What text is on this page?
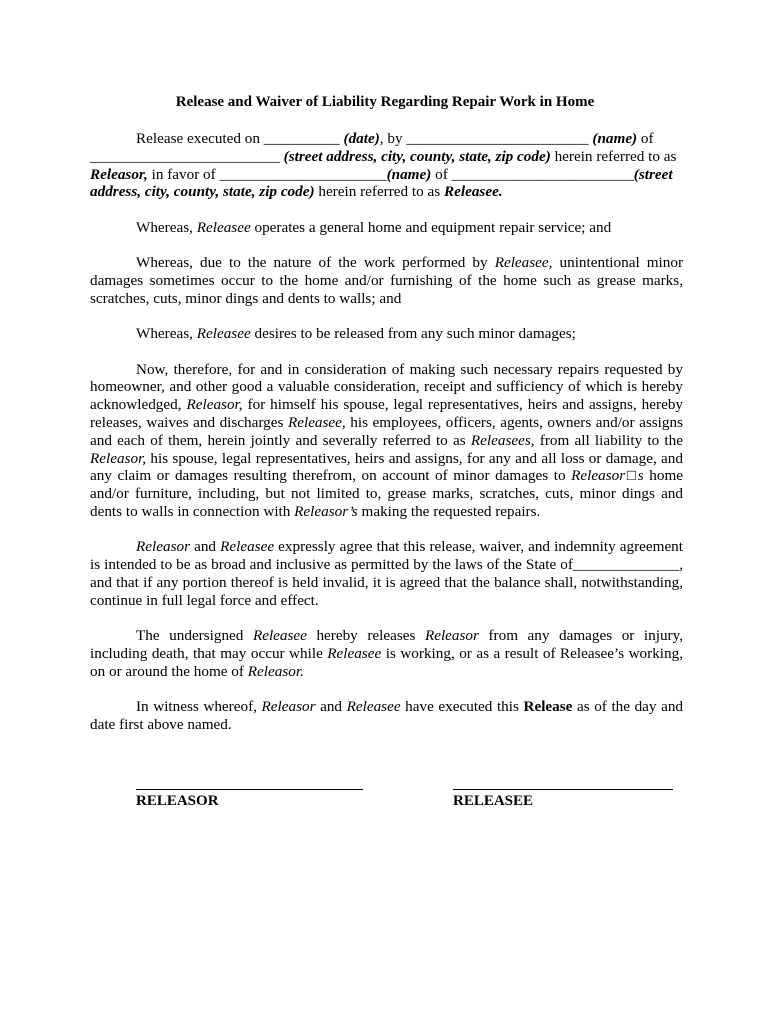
Release and Waiver of Liability Regarding Repair Work in Home

Release executed on __________ (date), by ________________________ (name) of _________________________ (street address, city, county, state, zip code) herein referred to as Releasor, in favor of ______________________(name) of ________________________(street address, city, county, state, zip code) herein referred to as Releasee.

Whereas, Releasee operates a general home and equipment repair service; and

Whereas, due to the nature of the work performed by Releasee, unintentional minor damages sometimes occur to the home and/or furnishing of the home such as grease marks, scratches, cuts, minor dings and dents to walls; and

Whereas, Releasee desires to be released from any such minor damages;

Now, therefore, for and in consideration of making such necessary repairs requested by homeowner, and other good a valuable consideration, receipt and sufficiency of which is hereby acknowledged, Releasor, for himself his spouse, legal representatives, heirs and assigns, hereby releases, waives and discharges Releasee, his employees, officers, agents, owners and/or assigns and each of them, herein jointly and severally referred to as Releasees, from all liability to the Releasor, his spouse, legal representatives, heirs and assigns, for any and all loss or damage, and any claim or damages resulting therefrom, on account of minor damages to Releasor□s home and/or furniture, including, but not limited to, grease marks, scratches, cuts, minor dings and dents to walls in connection with Releasor’s making the requested repairs.

Releasor and Releasee expressly agree that this release, waiver, and indemnity agreement is intended to be as broad and inclusive as permitted by the laws of the State of______________, and that if any portion thereof is held invalid, it is agreed that the balance shall, notwithstanding, continue in full legal force and effect.

The undersigned Releasee hereby releases Releasor from any damages or injury, including death, that may occur while Releasee is working, or as a result of Releasee’s working, on or around the home of Releasor.

In witness whereof, Releasor and Releasee have executed this Release as of the day and date first above named.

RELEASOR	RELEASEE
